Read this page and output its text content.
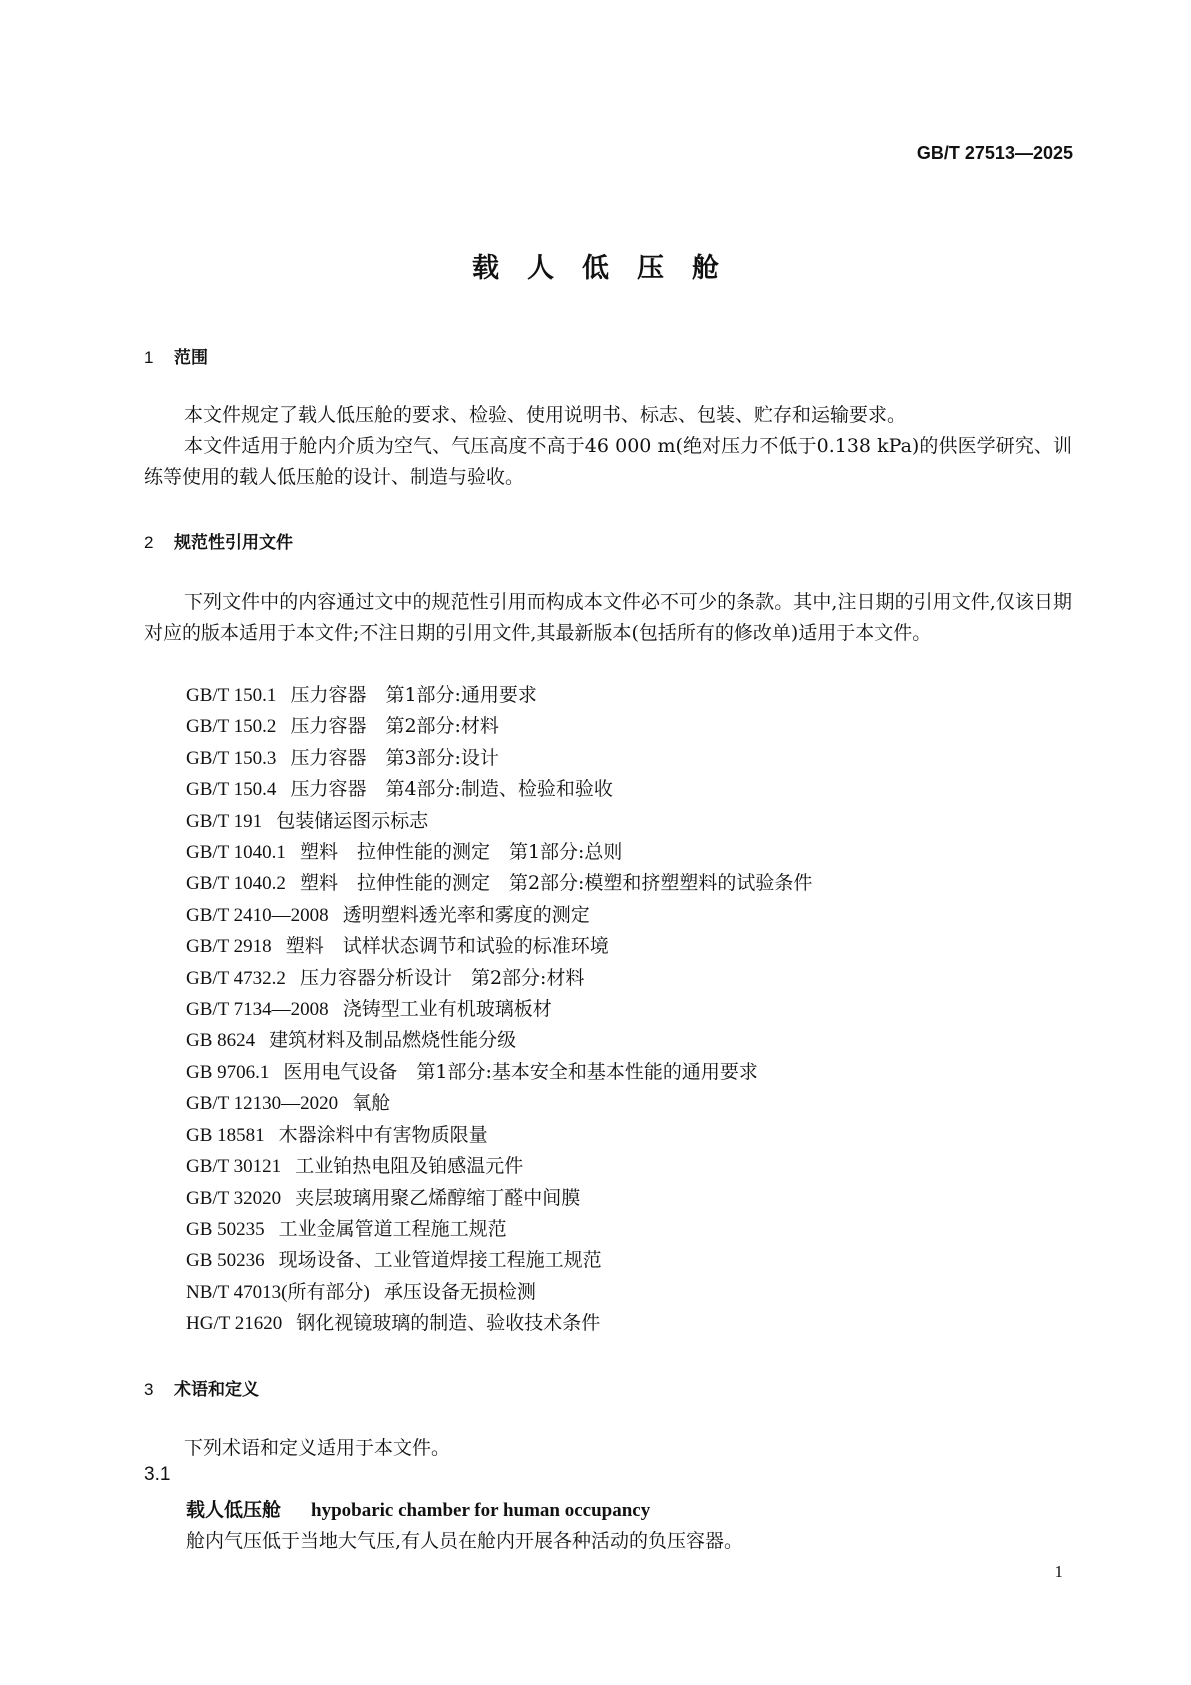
GB/T 27513—2025
载人低压舱
1 范围
本文件规定了载人低压舱的要求、检验、使用说明书、标志、包装、贮存和运输要求。
本文件适用于舱内介质为空气、气压高度不高于46 000 m(绝对压力不低于0.138 kPa)的供医学研究、训练等使用的载人低压舱的设计、制造与验收。
2 规范性引用文件
下列文件中的内容通过文中的规范性引用而构成本文件必不可少的条款。其中,注日期的引用文件,仅该日期对应的版本适用于本文件;不注日期的引用文件,其最新版本(包括所有的修改单)适用于本文件。
GB/T 150.1 压力容器　第1部分:通用要求
GB/T 150.2 压力容器　第2部分:材料
GB/T 150.3 压力容器　第3部分:设计
GB/T 150.4 压力容器　第4部分:制造、检验和验收
GB/T 191 包装储运图示标志
GB/T 1040.1 塑料　拉伸性能的测定　第1部分:总则
GB/T 1040.2 塑料　拉伸性能的测定　第2部分:模塑和挤塑塑料的试验条件
GB/T 2410—2008 透明塑料透光率和雾度的测定
GB/T 2918 塑料　试样状态调节和试验的标准环境
GB/T 4732.2 压力容器分析设计　第2部分:材料
GB/T 7134—2008 浇铸型工业有机玻璃板材
GB 8624 建筑材料及制品燃烧性能分级
GB 9706.1 医用电气设备　第1部分:基本安全和基本性能的通用要求
GB/T 12130—2020 氧舱
GB 18581 木器涂料中有害物质限量
GB/T 30121 工业铂热电阻及铂感温元件
GB/T 32020 夹层玻璃用聚乙烯醇缩丁醛中间膜
GB 50235 工业金属管道工程施工规范
GB 50236 现场设备、工业管道焊接工程施工规范
NB/T 47013(所有部分) 承压设备无损检测
HG/T 21620 钢化视镜玻璃的制造、验收技术条件
3 术语和定义
下列术语和定义适用于本文件。
3.1
载人低压舱 hypobaric chamber for human occupancy
舱内气压低于当地大气压,有人员在舱内开展各种活动的负压容器。
1
